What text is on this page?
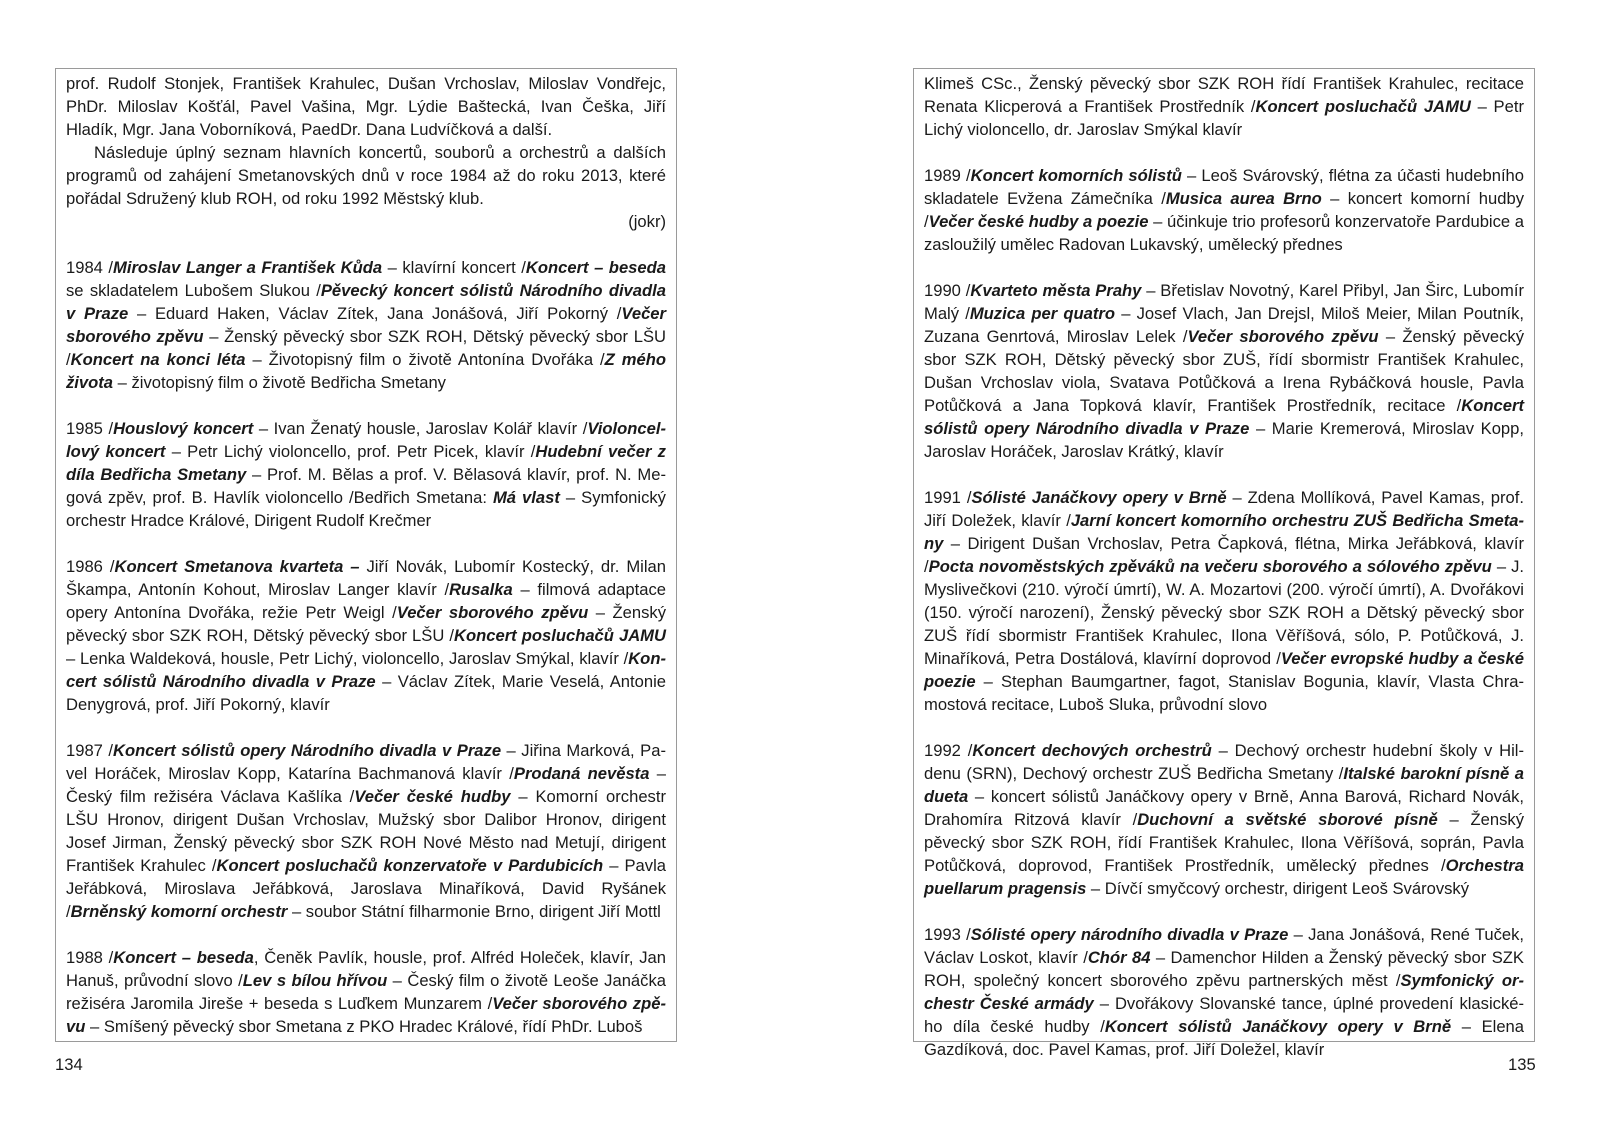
prof. Rudolf Stonjek, František Krahulec, Dušan Vrchoslav, Miloslav Vondřejc, PhDr. Miloslav Košťál, Pavel Vašina, Mgr. Lýdie Baštecká, Ivan Češka, Jiří Hladík, Mgr. Jana Voborníková, PaedDr. Dana Ludvíčková a další.

Následuje úplný seznam hlavních koncertů, souborů a orchestrů a dalších programů od zahájení Smetanovských dnů v roce 1984 až do roku 2013, které pořádal Sdružený klub ROH, od roku 1992 Městský klub.

(jokr)

1984 /Miroslav Langer a František Kůda – klavírní koncert /Koncert – beseda se skladatelem Lubošem Slukou /Pěvecký koncert sólistů Národního divadla v Praze – Eduard Haken, Václav Zítek, Jana Jonášová, Jiří Pokorný /Večer sborového zpěvu – Ženský pěvecký sbor SZK ROH, Dětský pěvecký sbor LŠU /Koncert na konci léta – Životopisný film o životě Antonína Dvořáka /Z mého života – životopisný film o životě Bedřicha Smetany

1985 /Houslový koncert – Ivan Ženatý housle, Jaroslav Kolář klavír /Violoncellový koncert – Petr Lichý violoncello, prof. Petr Picek, klavír /Hudební večer z díla Bedřicha Smetany – Prof. M. Bělas a prof. V. Bělasová klavír, prof. N. Megová zpěv, prof. B. Havlík violoncello /Bedřich Smetana: Má vlast – Symfonický orchestr Hradce Králové, Dirigent Rudolf Krečmer

1986 /Koncert Smetanova kvarteta – Jiří Novák, Lubomír Kostecký, dr. Milan Škampa, Antonín Kohout, Miroslav Langer klavír /Rusalka – filmová adaptace opery Antonína Dvořáka, režie Petr Weigl /Večer sborového zpěvu – Ženský pěvecký sbor SZK ROH, Dětský pěvecký sbor LŠU /Koncert posluchačů JAMU – Lenka Waldeková, housle, Petr Lichý, violoncello, Jaroslav Smýkal, klavír /Koncert sólistů Národního divadla v Praze – Václav Zítek, Marie Veselá, Antonie Denygrová, prof. Jiří Pokorný, klavír

1987 /Koncert sólistů opery Národního divadla v Praze – Jiřina Marková, Pavel Horáček, Miroslav Kopp, Katarína Bachmanová klavír /Prodaná nevěsta – Český film režiséra Václava Kašlíka /Večer české hudby – Komorní orchestr LŠU Hronov, dirigent Dušan Vrchoslav, Mužský sbor Dalibor Hronov, dirigent Josef Jirman, Ženský pěvecký sbor SZK ROH Nové Město nad Metují, dirigent František Krahulec /Koncert posluchačů konzervatoře v Pardubicích – Pavla Jeřábková, Miroslava Jeřábková, Jaroslava Minaříková, David Ryšánek /Brněnský komorní orchestr – soubor Státní filharmonie Brno, dirigent Jiří Mottl

1988 /Koncert – beseda, Čeněk Pavlík, housle, prof. Alfréd Holeček, klavír, Jan Hanuš, průvodní slovo /Lev s bílou hřívou – Český film o životě Leoše Janáčka režiséra Jaromila Jireše + beseda s Luďkem Munzarem /Večer sborového zpěvu – Smíšený pěvecký sbor Smetana z PKO Hradec Králové, řídí PhDr. Luboš

134

Klimeš CSc., Ženský pěvecký sbor SZK ROH řídí František Krahulec, recitace Renata Klicperová a František Prostředník /Koncert posluchačů JAMU – Petr Lichý violoncello, dr. Jaroslav Smýkal klavír

1989 /Koncert komorních sólistů – Leoš Svárovský, flétna za účasti hudebního skladatele Evžena Zámečníka /Musica aurea Brno – koncert komorní hudby /Večer české hudby a poezie – účinkuje trio profesorů konzervatoře Pardubice a zasloužilý umělec Radovan Lukavský, umělecký přednes

1990 /Kvarteto města Prahy – Břetislav Novotný, Karel Přibyl, Jan Širc, Lubomír Malý /Muzica per quatro – Josef Vlach, Jan Drejsl, Miloš Meier, Milan Poutník, Zuzana Genrtová, Miroslav Lelek /Večer sborového zpěvu – Ženský pěvecký sbor SZK ROH, Dětský pěvecký sbor ZUŠ, řídí sbormistr František Krahulec, Dušan Vrchoslav viola, Svatava Potůčková a Irena Rybáčková housle, Pavla Potůčková a Jana Topková klavír, František Prostředník, recitace /Koncert sólistů opery Národního divadla v Praze – Marie Kremerová, Miroslav Kopp, Jaroslav Horáček, Jaroslav Krátký, klavír

1991 /Sólisté Janáčkovy opery v Brně – Zdena Mollíková, Pavel Kamas, prof. Jiří Doležek, klavír /Jarní koncert komorního orchestru ZUŠ Bedřicha Smetany – Dirigent Dušan Vrchoslav, Petra Čapková, flétna, Mirka Jeřábková, klavír /Pocta novoměstských zpěváků na večeru sborového a sólového zpěvu – J. Myslivečkovi (210. výročí úmrtí), W. A. Mozartovi (200. výročí úmrtí), A. Dvořákovi (150. výročí narození), Ženský pěvecký sbor SZK ROH a Dětský pěvecký sbor ZUŠ řídí sbormistr František Krahulec, Ilona Věříšová, sólo, P. Potůčková, J. Minaříková, Petra Dostálová, klavírní doprovod /Večer evropské hudby a české poezie – Stephan Baumgartner, fagot, Stanislav Bogunia, klavír, Vlasta Chramostová recitace, Luboš Sluka, průvodní slovo

1992 /Koncert dechových orchestrů – Dechový orchestr hudební školy v Hildenu (SRN), Dechový orchestr ZUŠ Bedřicha Smetany /Italské barokní písně a dueta – koncert sólistů Janáčkovy opery v Brně, Anna Barová, Richard Novák, Drahomíra Ritzová klavír /Duchovní a světské sborové písně – Ženský pěvecký sbor SZK ROH, řídí František Krahulec, Ilona Věříšová, soprán, Pavla Potůčková, doprovod, František Prostředník, umělecký přednes /Orchestra puellarum pragensis – Dívčí smyčcový orchestr, dirigent Leoš Svárovský

1993 /Sólisté opery národního divadla v Praze – Jana Jonášová, René Tuček, Václav Loskot, klavír /Chór 84 – Damenchor Hilden a Ženský pěvecký sbor SZK ROH, společný koncert sborového zpěvu partnerských měst /Symfonický orchestr České armády – Dvořákovy Slovanské tance, úplné provedení klasického díla české hudby /Koncert sólistů Janáčkovy opery v Brně – Elena Gazdíková, doc. Pavel Kamas, prof. Jiří Doležel, klavír

135
